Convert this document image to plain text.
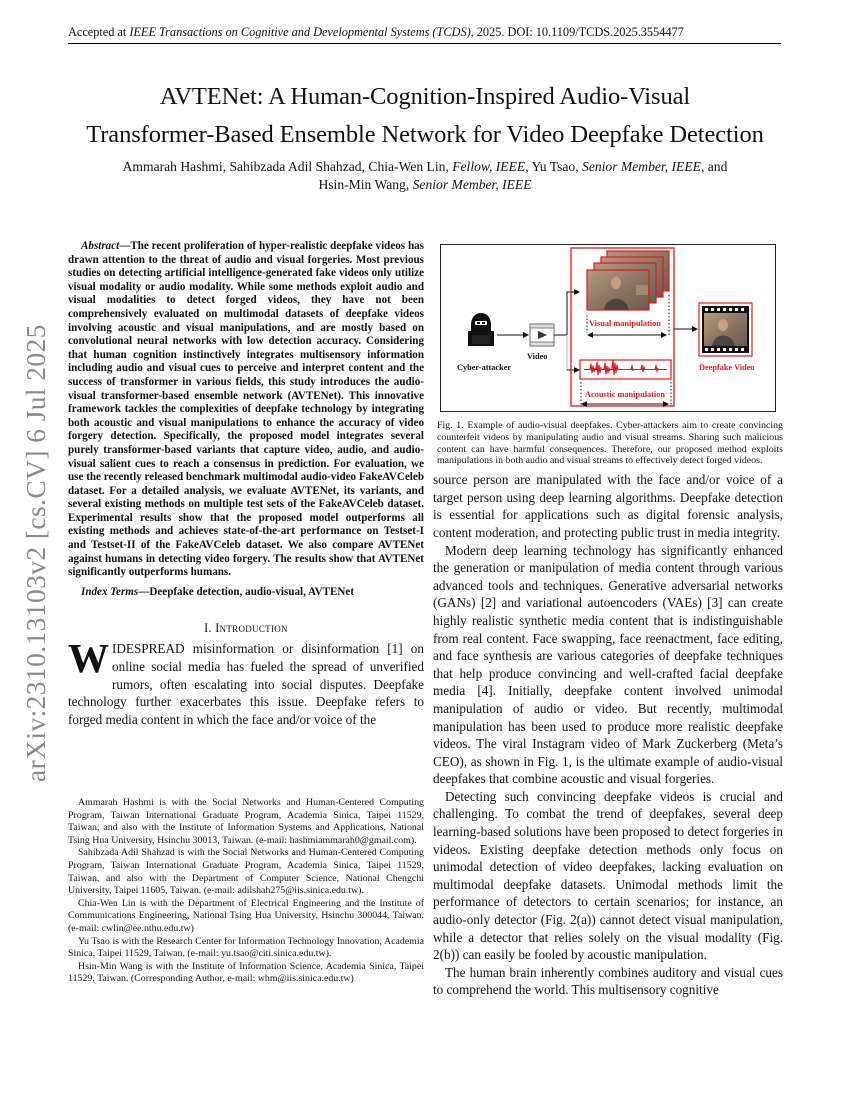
Accepted at IEEE Transactions on Cognitive and Developmental Systems (TCDS), 2025. DOI: 10.1109/TCDS.2025.3554477
arXiv:2310.13103v2 [cs.CV] 6 Jul 2025
AVTENet: A Human-Cognition-Inspired Audio-Visual
Transformer-Based Ensemble Network for Video Deepfake Detection
Ammarah Hashmi, Sahibzada Adil Shahzad, Chia-Wen Lin, Fellow, IEEE, Yu Tsao, Senior Member, IEEE, and
Hsin-Min Wang, Senior Member, IEEE
Abstract—The recent proliferation of hyper-realistic deepfake videos has drawn attention to the threat of audio and visual forgeries. Most previous studies on detecting artificial intelligence-generated fake videos only utilize visual modality or audio modality. While some methods exploit audio and visual modalities to detect forged videos, they have not been comprehensively evaluated on multimodal datasets of deepfake videos involving acoustic and visual manipulations, and are mostly based on convolutional neural networks with low detection accuracy. Considering that human cognition instinctively integrates multisensory information including audio and visual cues to perceive and interpret content and the success of transformer in various fields, this study introduces the audio-visual transformer-based ensemble network (AVTENet). This innovative framework tackles the complexities of deepfake technology by integrating both acoustic and visual manipulations to enhance the accuracy of video forgery detection. Specifically, the proposed model integrates several purely transformer-based variants that capture video, audio, and audio-visual salient cues to reach a consensus in prediction. For evaluation, we use the recently released benchmark multimodal audio-video FakeAVCeleb dataset. For a detailed analysis, we evaluate AVTENet, its variants, and several existing methods on multiple test sets of the FakeAVCeleb dataset. Experimental results show that the proposed model outperforms all existing methods and achieves state-of-the-art performance on Testset-I and Testset-II of the FakeAVCeleb dataset. We also compare AVTENet against humans in detecting video forgery. The results show that AVTENet significantly outperforms humans.
Index Terms—Deepfake detection, audio-visual, AVTENet
I. Introduction

WIDESPREAD misinformation or disinformation [1] on online social media has fueled the spread of unverified rumors, often escalating into social disputes. Deepfake technology further exacerbates this issue. Deepfake refers to forged media content in which the face and/or voice of the

Ammarah Hashmi is with the Social Networks and Human-Centered Computing Program, Taiwan International Graduate Program, Academia Sinica, Taipei 11529, Taiwan, and also with the Institute of Information Systems and Applications, National Tsing Hua University, Hsinchu 30013, Taiwan. (e-mail: hashmiammarah0@gmail.com).

Sahibzada Adil Shahzad is with the Social Networks and Human-Centered Computing Program, Taiwan International Graduate Program, Academia Sinica, Taipei 11529, Taiwan, and also with the Department of Computer Science, National Chengchi University, Taipei 11605, Taiwan. (e-mail: adilshah275@iis.sinica.edu.tw).

Chia-Wen Lin is with the Department of Electrical Engineering and the Institute of Communications Engineering, National Tsing Hua University, Hsinchu 300044, Taiwan. (e-mail: cwlin@ee.nthu.edu.tw)

Yu Tsao is with the Research Center for Information Technology Innovation, Academia Sinica, Taipei 11529, Taiwan. (e-mail: yu.tsao@citi.sinica.edu.tw).

Hsin-Min Wang is with the Institute of Information Science, Academia Sinica, Taipei 11529, Taiwan. (Corresponding Author, e-mail: whm@iis.sinica.edu.tw)

Cyber-attacker
Video
Visual manipulation
Acoustic manipulation
Deepfake Video
Fig. 1. Example of audio-visual deepfakes. Cyber-attackers aim to create convincing counterfeit videos by manipulating audio and visual streams. Sharing such malicious content can have harmful consequences. Therefore, our proposed method exploits manipulations in both audio and visual streams to effectively detect forged videos.

source person are manipulated with the face and/or voice of a target person using deep learning algorithms. Deepfake detection is essential for applications such as digital forensic analysis, content moderation, and protecting public trust in media integrity.

Modern deep learning technology has significantly enhanced the generation or manipulation of media content through various advanced tools and techniques. Generative adversarial networks (GANs) [2] and variational autoencoders (VAEs) [3] can create highly realistic synthetic media content that is indistinguishable from real content. Face swapping, face reenactment, face editing, and face synthesis are various categories of deepfake techniques that help produce convincing and well-crafted facial deepfake media [4]. Initially, deepfake content involved unimodal manipulation of audio or video. But recently, multimodal manipulation has been used to produce more realistic deepfake videos. The viral Instagram video of Mark Zuckerberg (Meta’s CEO), as shown in Fig. 1, is the ultimate example of audio-visual deepfakes that combine acoustic and visual forgeries.

Detecting such convincing deepfake videos is crucial and challenging. To combat the trend of deepfakes, several deep learning-based solutions have been proposed to detect forgeries in videos. Existing deepfake detection methods only focus on unimodal detection of video deepfakes, lacking evaluation on multimodal deepfake datasets. Unimodal methods limit the performance of detectors to certain scenarios; for instance, an audio-only detector (Fig. 2(a)) cannot detect visual manipulation, while a detector that relies solely on the visual modality (Fig. 2(b)) can easily be fooled by acoustic manipulation.

The human brain inherently combines auditory and visual cues to comprehend the world. This multisensory cognitive
